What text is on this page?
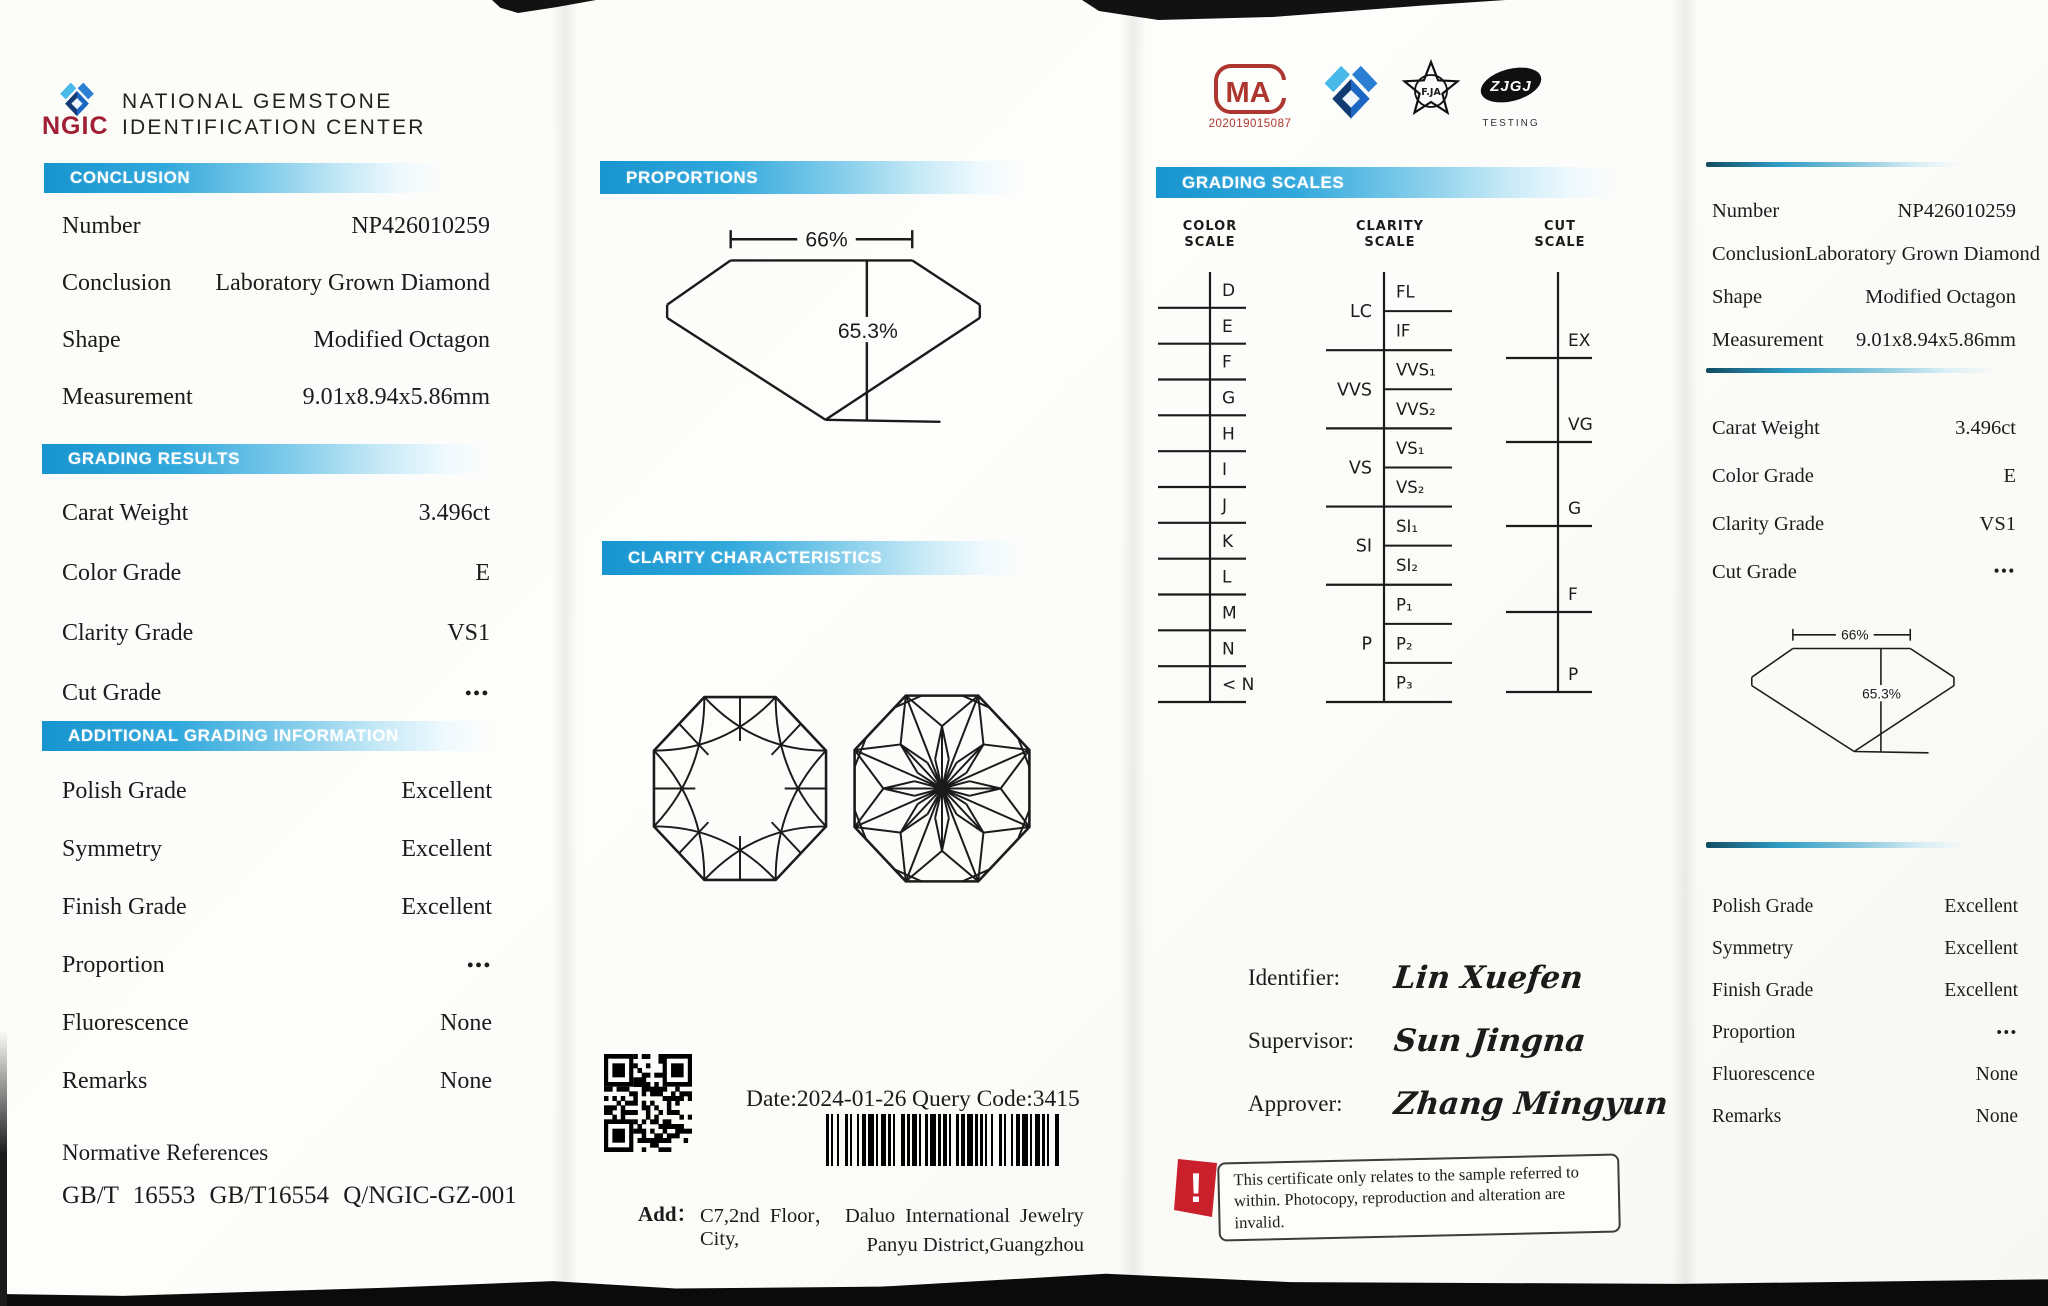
NGIC
NATIONAL GEMSTONE
IDENTIFICATION CENTER
CONCLUSION
GRADING RESULTS
ADDITIONAL GRADING INFORMATION
Number	NP426010259
Conclusion Laboratory Grown Diamond
Shape	Modified Octagon
Measurement	9.01x8.94x5.86mm
Carat Weight	3.496ct
Color Grade	E
Clarity Grade	VS1
Cut Grade	•••
Polish Grade	Excellent
Symmetry	Excellent
Finish Grade	Excellent
Proportion	•••
Fluorescence	None
Remarks	None
Normative References
GB/T 16553 GB/T16554 Q/NGIC-GZ-001
MA
202019015087
F.JA	ZJGJ
TESTING
PROPORTIONS
66%
65.3%
CLARITY CHARACTERISTICS
Date:2024-01-26 Query Code:3415
Add： C7,2nd Floor， Daluo International Jewelry City,	Panyu District,Guangzhou
GRADING SCALES
COLOR
SCALE
CLARITY
SCALE
CUT
SCALE
D
E
F
G
H
I
J
K
L
M
N
< N
FL
IF
LC
VVS₁
VVS₂
VVS
VS₁
VS₂
VS
SI₁
SI₂
SI
P₁
P₂
P₃
P
EX
VG
G
F
P
Identifier:	Lin Xuefen
Supervisor:	Sun Jingna
Approver:	Zhang Mingyun
!	This certificate only relates to the sample referred to within. Photocopy, reproduction and alteration are invalid.
Number	NP426010259
Conclusion Laboratory Grown Diamond
Shape	Modified Octagon
Measurement 9.01x8.94x5.86mm
Carat Weight	3.496ct
Color Grade	E
Clarity Grade	VS1
Cut Grade	•••
66%
65.3%
Polish Grade	Excellent
Symmetry	Excellent
Finish Grade	Excellent
Proportion	•••
Fluorescence	None
Remarks	None
